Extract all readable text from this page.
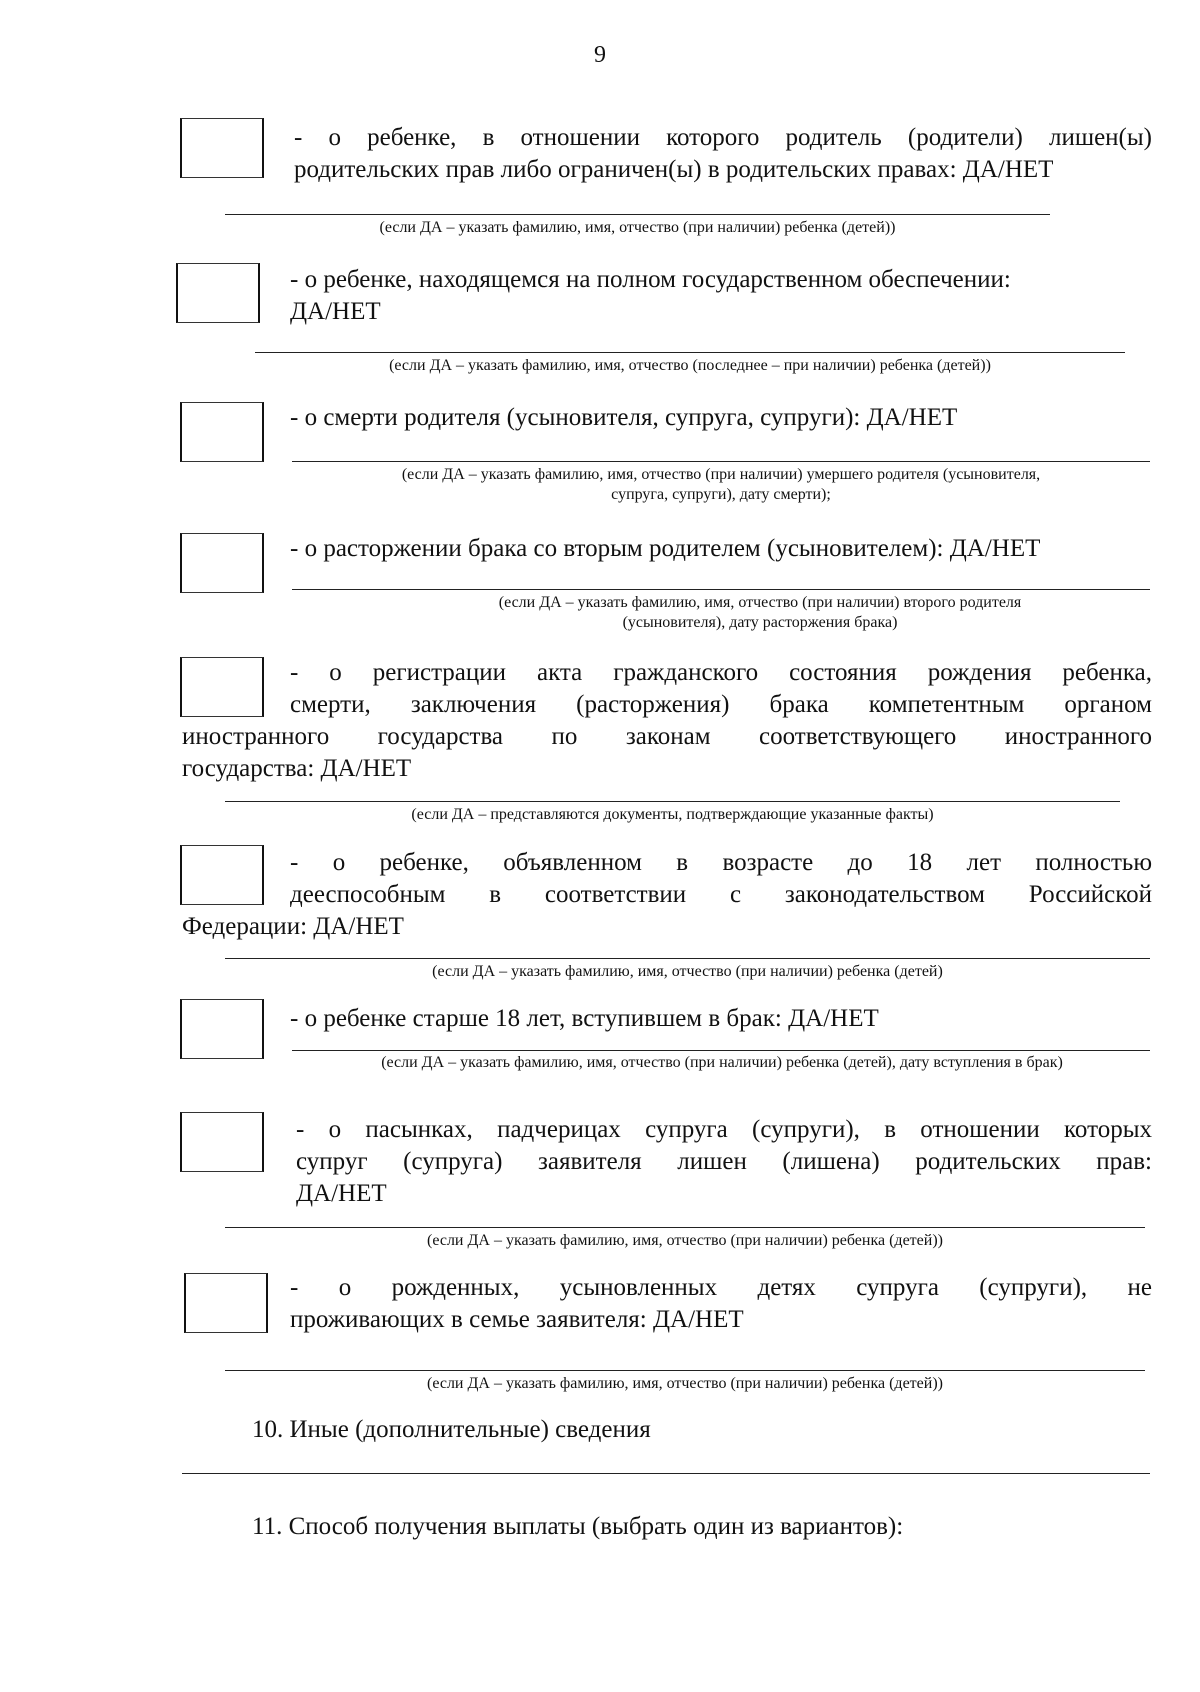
9
- о ребенке, в отношении которого родитель (родители) лишен(ы)
родительских прав либо ограничен(ы) в родительских правах: ДА/НЕТ
(если ДА – указать фамилию, имя, отчество (при наличии) ребенка (детей))
- о ребенке, находящемся на полном государственном обеспечении:
ДА/НЕТ
(если ДА – указать фамилию, имя, отчество (последнее – при наличии) ребенка (детей))
- о смерти родителя (усыновителя, супруга, супруги): ДА/НЕТ
(если ДА – указать фамилию, имя, отчество (при наличии) умершего родителя (усыновителя,
супруга, супруги), дату смерти);
- о расторжении брака со вторым родителем (усыновителем): ДА/НЕТ
(если ДА – указать фамилию, имя, отчество (при наличии) второго родителя
(усыновителя), дату расторжения брака)
- о регистрации акта гражданского состояния рождения ребенка,
смерти, заключения (расторжения) брака компетентным органом
иностранного государства по законам соответствующего иностранного
государства: ДА/НЕТ
(если ДА – представляются документы, подтверждающие указанные факты)
- о ребенке, объявленном в возрасте до 18 лет полностью
дееспособным в соответствии с законодательством Российской
Федерации: ДА/НЕТ
(если ДА – указать фамилию, имя, отчество (при наличии) ребенка (детей)
- о ребенке старше 18 лет, вступившем в брак: ДА/НЕТ
(если ДА – указать фамилию, имя, отчество (при наличии) ребенка (детей), дату вступления в брак)
- о пасынках, падчерицах супруга (супруги), в отношении которых
супруг (супруга) заявителя лишен (лишена) родительских прав:
ДА/НЕТ
(если ДА – указать фамилию, имя, отчество (при наличии) ребенка (детей))
- о рожденных, усыновленных детях супруга (супруги), не
проживающих в семье заявителя: ДА/НЕТ
(если ДА – указать фамилию, имя, отчество (при наличии) ребенка (детей))
10. Иные (дополнительные) сведения
11. Способ получения выплаты (выбрать один из вариантов):
